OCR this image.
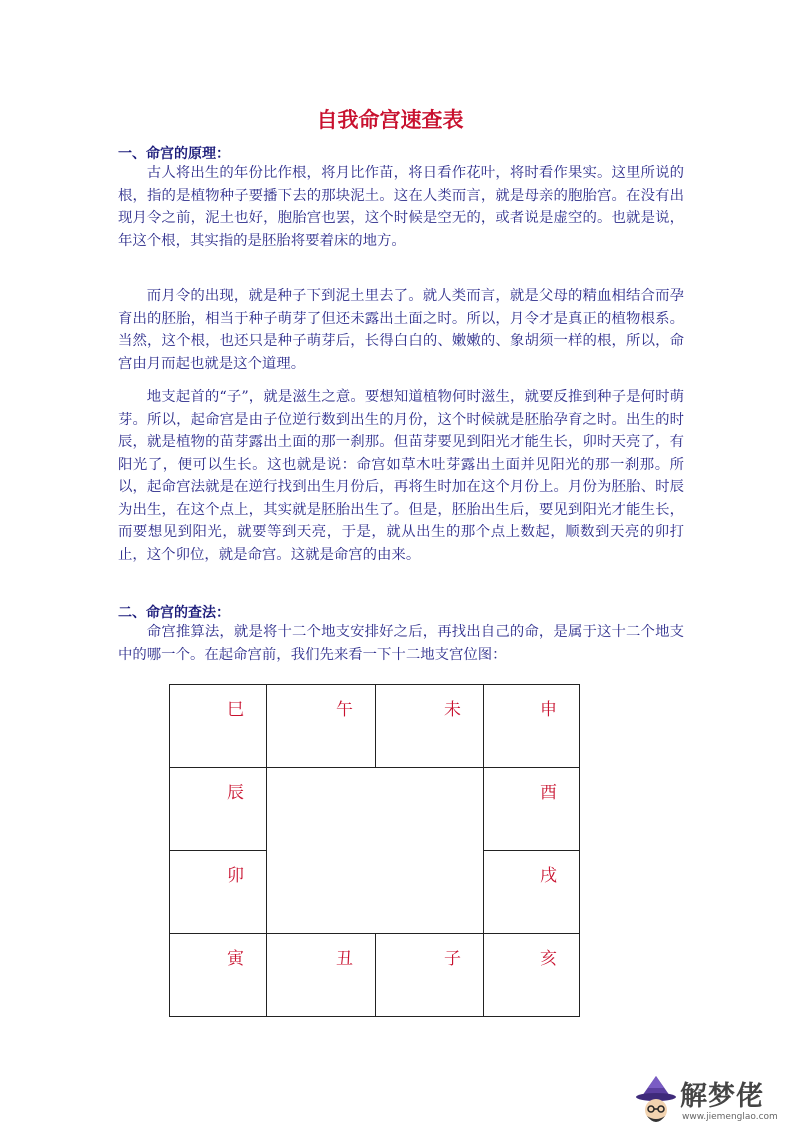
自我命宫速查表
一、命宫的原理：

古人将出生的年份比作根，将月比作苗，将日看作花叶，将时看作果实。这里所说的根，指的是植物种子要播下去的那块泥土。这在人类而言，就是母亲的胞胎宫。在没有出现月令之前，泥土也好，胞胎宫也罢，这个时候是空无的，或者说是虚空的。也就是说，年这个根，其实指的是胚胎将要着床的地方。

而月令的出现，就是种子下到泥土里去了。就人类而言，就是父母的精血相结合而孕育出的胚胎，相当于种子萌芽了但还未露出土面之时。所以，月令才是真正的植物根系。当然，这个根，也还只是种子萌芽后，长得白白的、嫩嫩的、象胡须一样的根，所以，命宫由月而起也就是这个道理。

地支起首的“子”，就是滋生之意。要想知道植物何时滋生，就要反推到种子是何时萌芽。所以，起命宫是由子位逆行数到出生的月份，这个时候就是胚胎孕育之时。出生的时辰，就是植物的苗芽露出土面的那一刹那。但苗芽要见到阳光才能生长，卯时天亮了，有阳光了，便可以生长。这也就是说：命宫如草木吐芽露出土面并见阳光的那一刹那。所以，起命宫法就是在逆行找到出生月份后，再将生时加在这个月份上。月份为胚胎、时辰为出生，在这个点上，其实就是胚胎出生了。但是，胚胎出生后，要见到阳光才能生长，而要想见到阳光，就要等到天亮，于是，就从出生的那个点上数起，顺数到天亮的卯打止，这个卯位，就是命宫。这就是命宫的由来。

二、命宫的查法：

命宫推算法，就是将十二个地支安排好之后，再找出自己的命，是属于这十二个地支中的哪一个。在起命宫前，我们先来看一下十二地支宫位图：

巳	午	未	申
辰	酉
卯	戌
寅	丑	子	亥
解梦佬
www.jiemenglao.com
